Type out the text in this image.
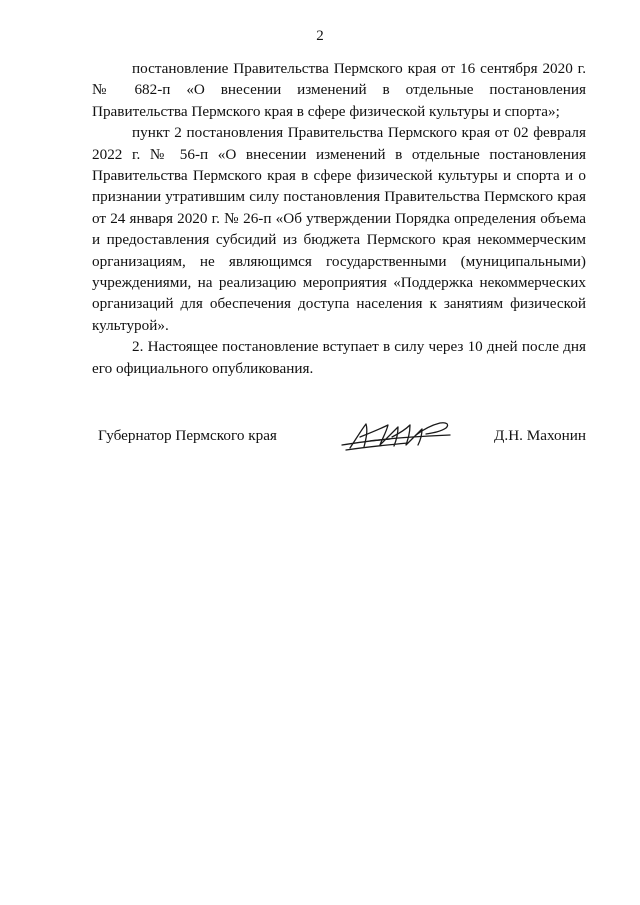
2

постановление Правительства Пермского края от 16 сентября 2020 г. № 682-п «О внесении изменений в отдельные постановления Правительства Пермского края в сфере физической культуры и спорта»;

пункт 2 постановления Правительства Пермского края от 02 февраля 2022 г. № 56-п «О внесении изменений в отдельные постановления Правительства Пермского края в сфере физической культуры и спорта и о признании утратившим силу постановления Правительства Пермского края от 24 января 2020 г. № 26-п «Об утверждении Порядка определения объема и предоставления субсидий из бюджета Пермского края некоммерческим организациям, не являющимся государственными (муниципальными) учреждениями, на реализацию мероприятия «Поддержка некоммерческих организаций для обеспечения доступа населения к занятиям физической культурой».

2. Настоящее постановление вступает в силу через 10 дней после дня его официального опубликования.

Губернатор Пермского края	Д.Н. Махонин
